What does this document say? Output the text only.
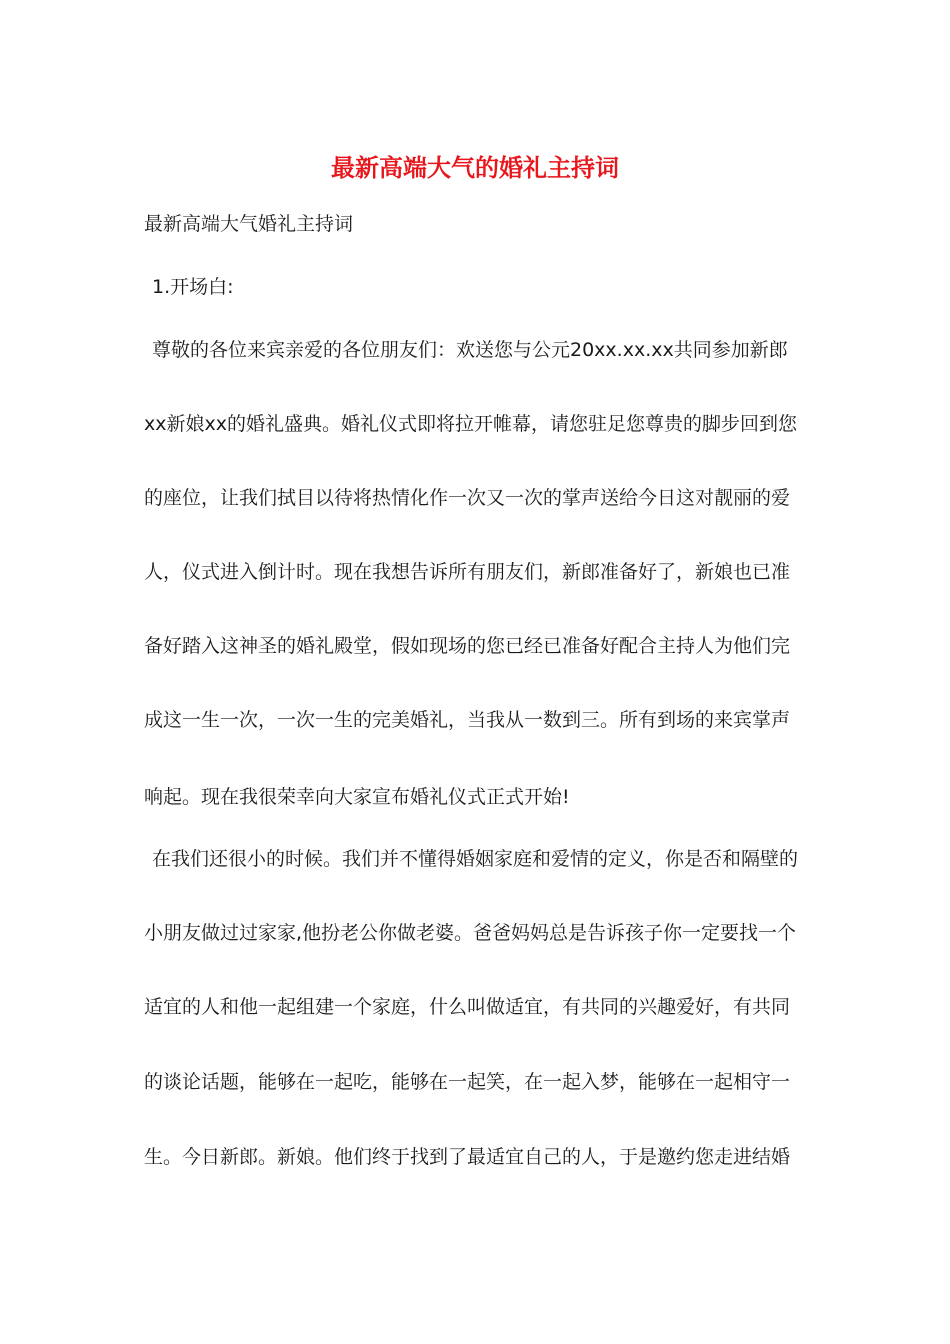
最新高端大气的婚礼主持词

最新高端大气婚礼主持词

1.开场白:

尊敬的各位来宾亲爱的各位朋友们：欢送您与公元20xx.xx.xx共同参加新郎

xx新娘xx的婚礼盛典。婚礼仪式即将拉开帷幕，请您驻足您尊贵的脚步回到您

的座位，让我们拭目以待将热情化作一次又一次的掌声送给今日这对靓丽的爱

人，仪式进入倒计时。现在我想告诉所有朋友们，新郎准备好了，新娘也已准

备好踏入这神圣的婚礼殿堂，假如现场的您已经已准备好配合主持人为他们完

成这一生一次，一次一生的完美婚礼，当我从一数到三。所有到场的来宾掌声

响起。现在我很荣幸向大家宣布婚礼仪式正式开始!

在我们还很小的时候。我们并不懂得婚姻家庭和爱情的定义，你是否和隔壁的

小朋友做过过家家,他扮老公你做老婆。爸爸妈妈总是告诉孩子你一定要找一个

适宜的人和他一起组建一个家庭，什么叫做适宜，有共同的兴趣爱好，有共同

的谈论话题，能够在一起吃，能够在一起笑，在一起入梦，能够在一起相守一

生。今日新郎。新娘。他们终于找到了最适宜自己的人，于是邀约您走进结婚
